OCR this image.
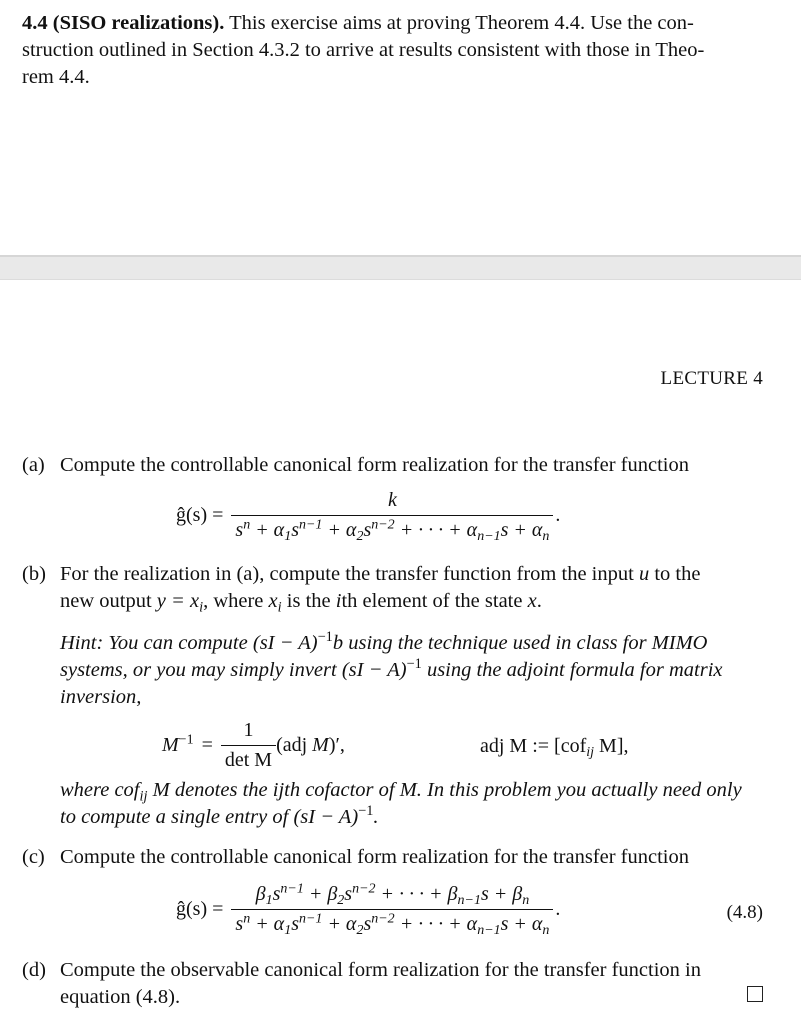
4.4 (SISO realizations). This exercise aims at proving Theorem 4.4. Use the con-
struction outlined in Section 4.3.2 to arrive at results consistent with those in Theo-
rem 4.4.
LECTURE 4
(a) Compute the controllable canonical form realization for the transfer function
ĝ(s) = $\frac{k}{s^n + \alpha_1s^{n-1} + \alpha_2s^{n-2} + \cdot \cdot \cdot + \alpha_{n-1}s + \alpha_n}$ .
(b) For the realization in (a), compute the transfer function from the input u to the
new output $y = x_i$, where $x_i$ is the ith element of the state x.
Hint: You can compute (sI − A)$^{-1}$b using the technique used in class for MIMO
systems, or you may simply invert (sI − A)$^{-1}$ using the adjoint formula for matrix
inversion,
$M^{-1} = \frac{1}{\text{det M}} (adj$ M)′,	adj M := [cof$_{ij}$ M],
where cof$_{ij}$ M denotes the ijth cofactor of M. In this problem you actually need only
to compute a single entry of (sI − A)$^{-1}$.
(c) Compute the controllable canonical form realization for the transfer function
ĝ(s) = $\frac{\beta_1s^{n-1} + \beta_2s^{n-2} + \cdot \cdot \cdot + \beta_{n-1}s + \beta_n}{s^n + \alpha_1s^{n-1} + \alpha_2s^{n-2} + \cdot \cdot \cdot + \alpha_{n-1}s + \alpha_n}$ .	(4.8)
(d) Compute the observable canonical form realization for the transfer function in
equation (4.8).
